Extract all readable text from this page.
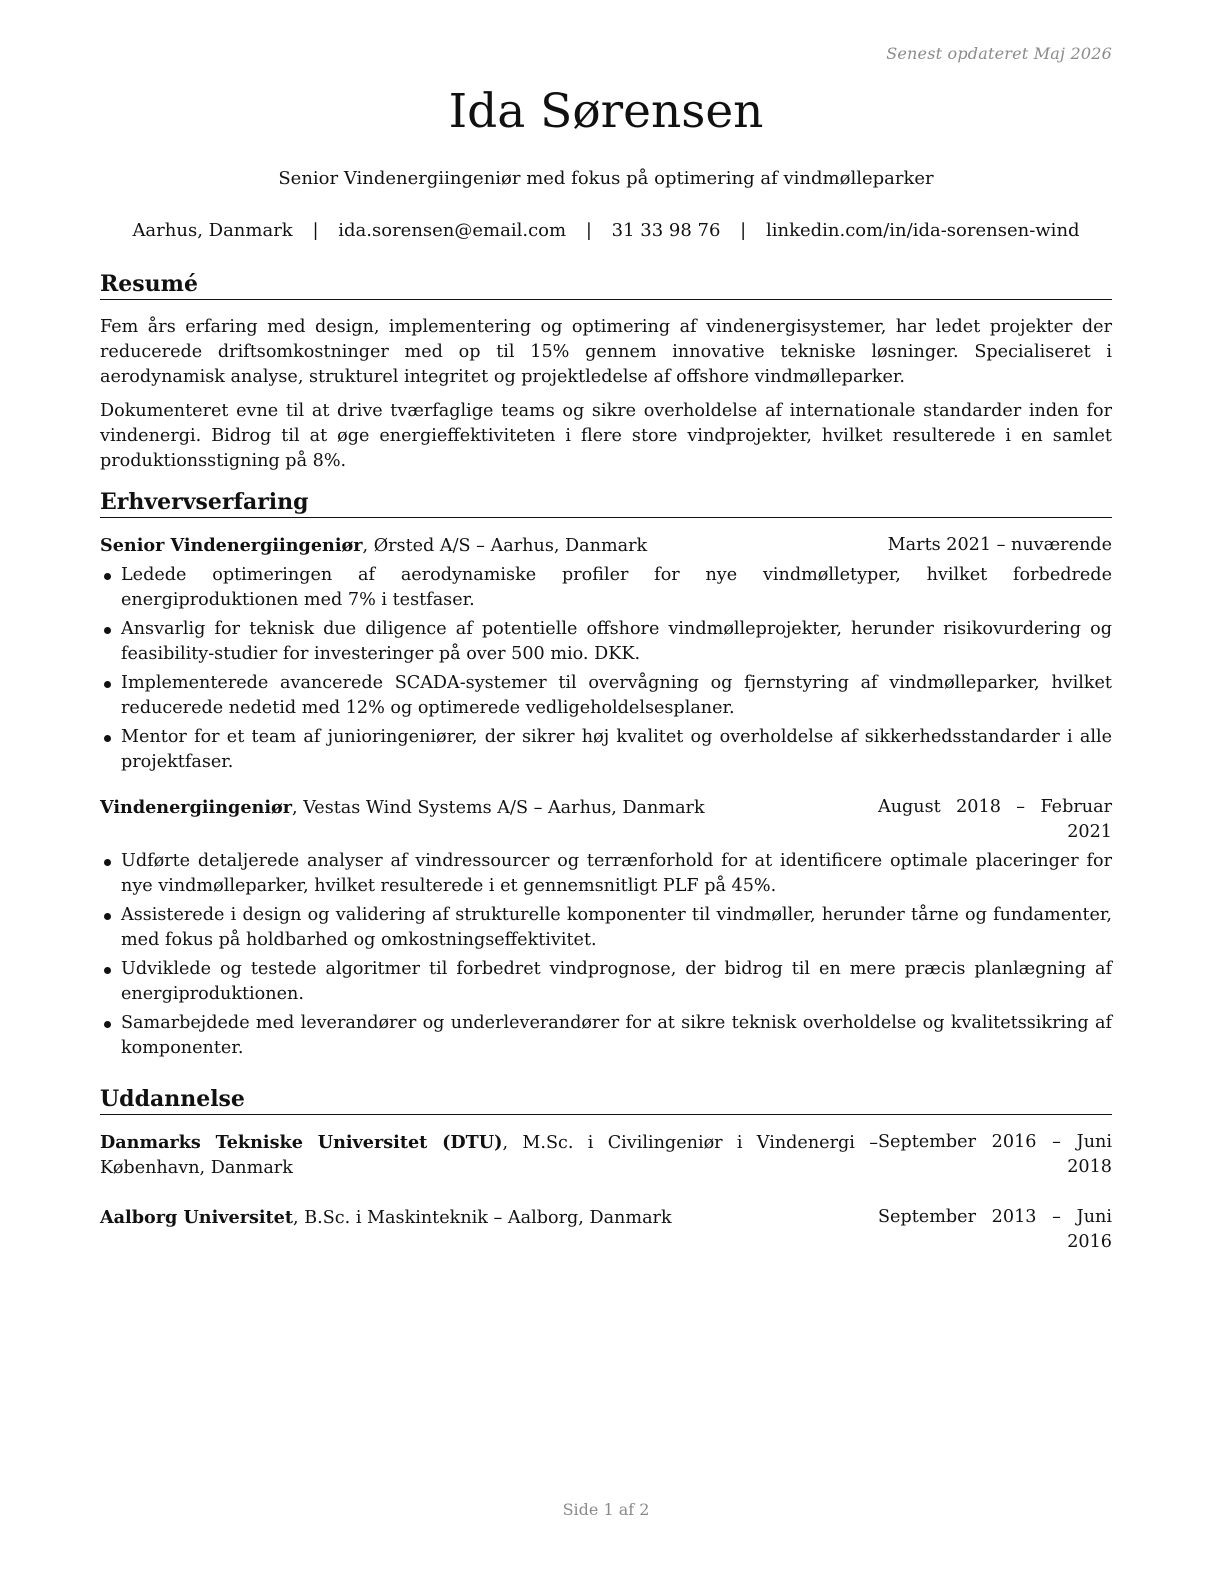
Senest opdateret Maj 2026
Ida Sørensen
Senior Vindenergiingeniør med fokus på optimering af vindmølleparker
Aarhus, Danmark | ida.sorensen@email.com | 31 33 98 76 | linkedin.com/in/ida-sorensen-wind
Resumé

Fem års erfaring med design, implementering og optimering af vindenergisystemer, har ledet projekter der reducerede driftsomkostninger med op til 15% gennem innovative tekniske løsninger. Specialiseret i aerodynamisk analyse, strukturel integritet og projektledelse af offshore vindmølleparker.

Dokumenteret evne til at drive tværfaglige teams og sikre overholdelse af internationale standarder inden for vindenergi. Bidrog til at øge energieffektiviteten i flere store vindprojekter, hvilket resulterede i en samlet produktionsstigning på 8%.

Erhvervserfaring
Senior Vindenergiingeniør, Ørsted A/S – Aarhus, Danmark	Marts 2021 – nuværende
Ledede optimeringen af aerodynamiske profiler for nye vindmølletyper, hvilket forbedrede energiproduktionen med 7% i testfaser.
Ansvarlig for teknisk due diligence af potentielle offshore vindmølleprojekter, herunder risikovurdering og feasibility-studier for investeringer på over 500 mio. DKK.
Implementerede avancerede SCADA-systemer til overvågning og fjernstyring af vindmølleparker, hvilket reducerede nedetid med 12% og optimerede vedligeholdelsesplaner.
Mentor for et team af junioringeniører, der sikrer høj kvalitet og overholdelse af sikkerhedsstandarder i alle projektfaser.
Vindenergiingeniør, Vestas Wind Systems A/S – Aarhus, Danmark	August 2018 – Februar 2021
Udførte detaljerede analyser af vindressourcer og terrænforhold for at identificere optimale placeringer for nye vindmølleparker, hvilket resulterede i et gennemsnitligt PLF på 45%.
Assisterede i design og validering af strukturelle komponenter til vindmøller, herunder tårne og fundamenter, med fokus på holdbarhed og omkostningseffektivitet.
Udviklede og testede algoritmer til forbedret vindprognose, der bidrog til en mere præcis planlægning af energiproduktionen.
Samarbejdede med leverandører og underleverandører for at sikre teknisk overholdelse og kvalitetssikring af komponenter.
Uddannelse
Danmarks Tekniske Universitet (DTU), M.Sc. i Civilingeniør i Vindenergi – København, Danmark
September 2016 – Juni 2018
Aalborg Universitet, B.Sc. i Maskinteknik – Aalborg, Danmark	September 2013 – Juni 2016
Side 1 af 2
